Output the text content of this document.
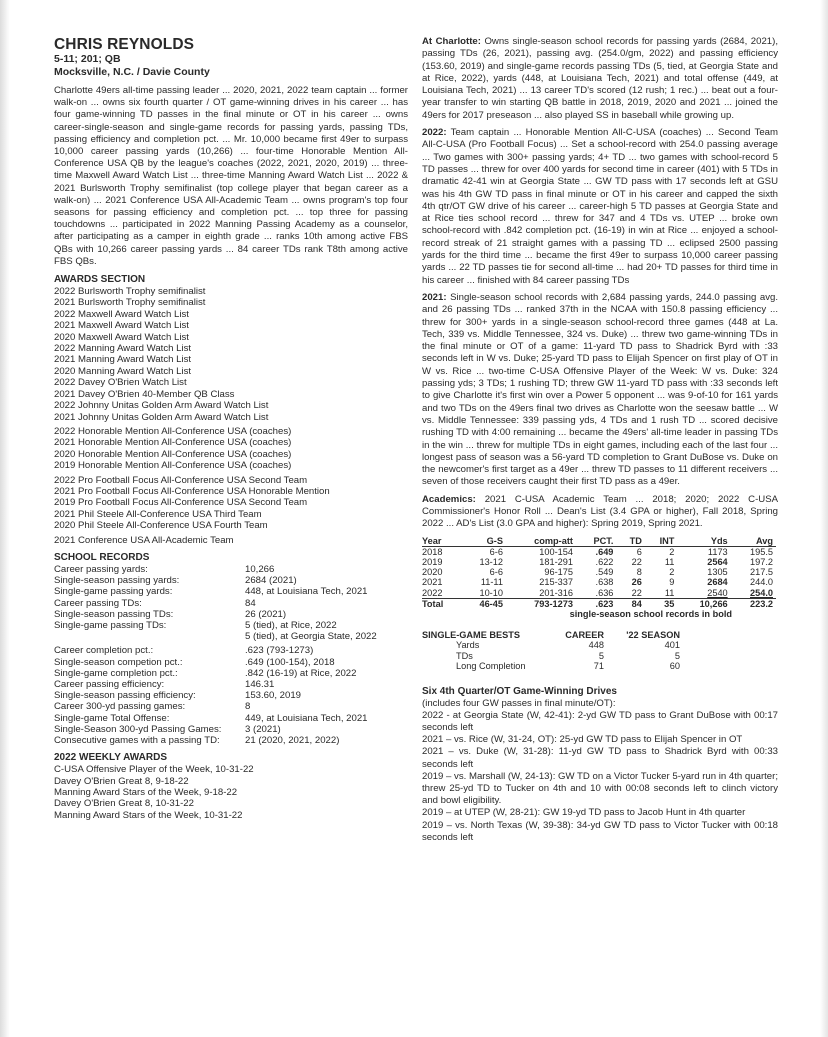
CHRIS REYNOLDS
5-11; 201; QB
Mocksville, N.C. / Davie County

Charlotte 49ers all-time passing leader ... 2020, 2021, 2022 team captain ... former walk-on ... owns six fourth quarter / OT game-winning drives in his career ... has four game-winning TD passes in the final minute or OT in his career ... owns career-single-season and single-game records for passing yards, passing TDs, passing efficiency and completion pct. ... Mr. 10,000 became first 49er to surpass 10,000 career passing yards (10,266) ... four-time Honorable Mention All-Conference USA QB by the league's coaches (2022, 2021, 2020, 2019) ... three-time Maxwell Award Watch List ... three-time Manning Award Watch List ... 2022 & 2021 Burlsworth Trophy semifinalist (top college player that began career as a walk-on) ... 2021 Conference USA All-Academic Team ... owns program's top four seasons for passing efficiency and completion pct. ... top three for passing touchdowns ... participated in 2022 Manning Passing Academy as a counselor, after participating as a camper in eighth grade ... ranks 10th among active FBS QBs with 10,266 career passing yards ... 84 career TDs rank T8th among active FBS QBs.

AWARDS SECTION
2022 Burlsworth Trophy semifinalist
2021 Burlsworth Trophy semifinalist
2022 Maxwell Award Watch List
2021 Maxwell Award Watch List
2020 Maxwell Award Watch List
2022 Manning Award Watch List
2021 Manning Award Watch List
2020 Manning Award Watch List
2022 Davey O'Brien Watch List
2021 Davey O'Brien 40-Member QB Class
2022 Johnny Unitas Golden Arm Award Watch List
2021 Johnny Unitas Golden Arm Award Watch List
2022 Honorable Mention All-Conference USA (coaches)
2021 Honorable Mention All-Conference USA (coaches)
2020 Honorable Mention All-Conference USA (coaches)
2019 Honorable Mention All-Conference USA (coaches)
2022 Pro Football Focus All-Conference USA Second Team
2021 Pro Football Focus All-Conference USA Honorable Mention
2019 Pro Football Focus All-Conference USA Second Team
2021 Phil Steele All-Conference USA Third Team
2020 Phil Steele All-Conference USA Fourth Team
2021 Conference USA All-Academic Team
SCHOOL RECORDS
Career passing yards:	10,266
Single-season passing yards:	2684 (2021)
Single-game passing yards:	448, at Louisiana Tech, 2021
Career passing TDs:	84
Single-season passing TDs:	26 (2021)
Single-game passing TDs:	5 (tied), at Rice, 2022
5 (tied), at Georgia State, 2022
Career completion pct.:	.623 (793-1273)
Single-season competion pct.:	.649 (100-154), 2018
Single-game completion pct.:	.842 (16-19) at Rice, 2022
Career passing efficiency:	146.31
Single-season passing efficiency:	153.60, 2019
Career 300-yd passing games:	8
Single-game Total Offense:	449, at Louisiana Tech, 2021
Single-Season 300-yd Passing Games:	3 (2021)
Consecutive games with a passing TD:	21 (2020, 2021, 2022)
2022 WEEKLY AWARDS
C-USA Offensive Player of the Week, 10-31-22
Davey O'Brien Great 8, 9-18-22
Manning Award Stars of the Week, 9-18-22
Davey O'Brien Great 8, 10-31-22
Manning Award Stars of the Week, 10-31-22

At Charlotte: Owns single-season school records for passing yards (2684, 2021), passing TDs (26, 2021), passing avg. (254.0/gm, 2022) and passing efficiency (153.60, 2019) and single-game records passing TDs (5, tied, at Georgia State and at Rice, 2022), yards (448, at Louisiana Tech, 2021) and total offense (449, at Louisiana Tech, 2021) ... 13 career TD's scored (12 rush; 1 rec.) ... beat out a four-year transfer to win starting QB battle in 2018, 2019, 2020 and 2021 ... joined the 49ers for 2017 preseason ... also played SS in baseball while growing up.

2022: Team captain ... Honorable Mention All-C-USA (coaches) ... Second Team All-C-USA (Pro Football Focus) ... Set a school-record with 254.0 passing average ... Two games with 300+ passing yards; 4+ TD ... two games with school-record 5 TD passes ... threw for over 400 yards for second time in career (401) with 5 TDs in dramatic 42-41 win at Georgia State ... GW TD pass with 17 seconds left at GSU was his 4th GW TD pass in final minute or OT in his career and capped the sixth 4th qtr/OT GW drive of his career ... career-high 5 TD passes at Georgia State and at Rice ties school record ... threw for 347 and 4 TDs vs. UTEP ... broke own school-record with .842 completion pct. (16-19) in win at Rice ... enjoyed a school-record streak of 21 straight games with a passing TD ... eclipsed 2500 passing yards for the third time ... became the first 49er to surpass 10,000 career passing yards ... 22 TD passes tie for second all-time ... had 20+ TD passes for third time in his career ... finished with 84 career passing TDs

2021: Single-season school records with 2,684 passing yards, 244.0 passing avg. and 26 passing TDs ... ranked 37th in the NCAA with 150.8 passing efficiency ... threw for 300+ yards in a single-season school-record three games (448 at La. Tech, 339 vs. Middle Tennessee, 324 vs. Duke) ... threw two game-winning TDs in the final minute or OT of a game: 11-yard TD pass to Shadrick Byrd with :33 seconds left in W vs. Duke; 25-yard TD pass to Elijah Spencer on first play of OT in W vs. Rice ... two-time C-USA Offensive Player of the Week: W vs. Duke: 324 passing yds; 3 TDs; 1 rushing TD; threw GW 11-yard TD pass with :33 seconds left to give Charlotte it's first win over a Power 5 opponent ... was 9-of-10 for 161 yards and two TDs on the 49ers final two drives as Charlotte won the seesaw battle ... W vs. Middle Tennessee: 339 passing yds, 4 TDs and 1 rush TD ... scored decisive rushing TD with 4:00 remaining ... became the 49ers' all-time leader in passing TDs in the win ... threw for multiple TDs in eight games, including each of the last four ... longest pass of season was a 56-yard TD completion to Grant DuBose vs. Duke on the newcomer's first target as a 49er ... threw TD passes to 11 different receivers ... seven of those receivers caught their first TD pass as a 49er.

Academics: 2021 C-USA Academic Team ... 2018; 2020; 2022 C-USA Commissioner's Honor Roll ... Dean's List (3.4 GPA or higher), Fall 2018, Spring 2022 ... AD's List (3.0 GPA and higher): Spring 2019, Spring 2021.

Year	G-S	comp-att	PCT.	TD	INT	Yds	Avg
2018	6-6	100-154	.649	6	2	1173	195.5
2019	13-12	181-291	.622	22	11	2564	197.2
2020	6-6	96-175	.549	8	2	1305	217.5
2021	11-11	215-337	.638	26	9	2684	244.0
2022	10-10	201-316	.636	22	11	2540	254.0
Total	46-45	793-1273	.623	84	35	10,266	223.2
single-season school records in bold
SINGLE-GAME BESTS	CAREER	'22 SEASON
Yards	448	401
TDs	5	5
Long Completion	71	60
Six 4th Quarter/OT Game-Winning Drives
(includes four GW passes in final minute/OT):
2022 - at Georgia State (W, 42-41): 2-yd GW TD pass to Grant DuBose with 00:17 seconds left
2021 – vs. Rice (W, 31-24, OT): 25-yd GW TD pass to Elijah Spencer in OT
2021 – vs. Duke (W, 31-28): 11-yd GW TD pass to Shadrick Byrd with 00:33 seconds left
2019 – vs. Marshall (W, 24-13): GW TD on a Victor Tucker 5-yard run in 4th quarter; threw 25-yd TD to Tucker on 4th and 10 with 00:08 seconds left to clinch victory and bowl eligibility.
2019 – at UTEP (W, 28-21): GW 19-yd TD pass to Jacob Hunt in 4th quarter
2019 – vs. North Texas (W, 39-38): 34-yd GW TD pass to Victor Tucker with 00:18 seconds left
